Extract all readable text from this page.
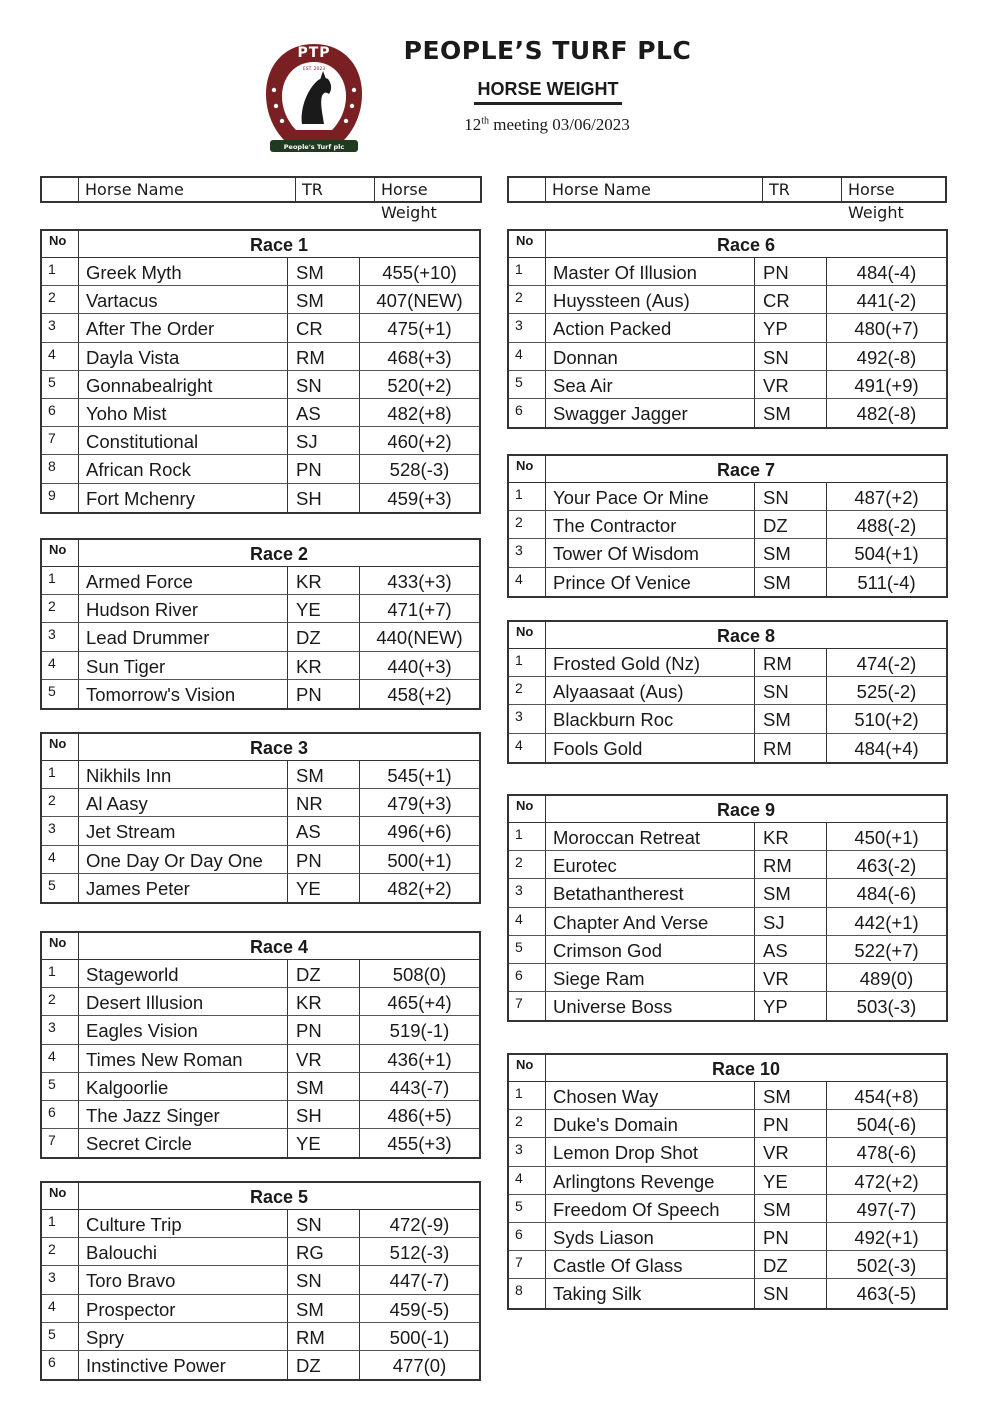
PTP
EST. 2023
People's Turf plc
PEOPLE’S TURF PLC
HORSE WEIGHT
12th meeting 03/06/2023
Horse Name	TR	Horse Weight
Horse Name	TR	Horse Weight
No	Race 1
1	Greek Myth	SM	455(+10)
2	Vartacus	SM	407(NEW)
3	After The Order	CR	475(+1)
4	Dayla Vista	RM	468(+3)
5	Gonnabealright	SN	520(+2)
6	Yoho Mist	AS	482(+8)
7	Constitutional	SJ	460(+2)
8	African Rock	PN	528(-3)
9	Fort Mchenry	SH	459(+3)
No	Race 2
1	Armed Force	KR	433(+3)
2	Hudson River	YE	471(+7)
3	Lead Drummer	DZ	440(NEW)
4	Sun Tiger	KR	440(+3)
5	Tomorrow's Vision	PN	458(+2)
No	Race 3
1	Nikhils Inn	SM	545(+1)
2	Al Aasy	NR	479(+3)
3	Jet Stream	AS	496(+6)
4	One Day Or Day One	PN	500(+1)
5	James Peter	YE	482(+2)
No	Race 4
1	Stageworld	DZ	508(0)
2	Desert Illusion	KR	465(+4)
3	Eagles Vision	PN	519(-1)
4	Times New Roman	VR	436(+1)
5	Kalgoorlie	SM	443(-7)
6	The Jazz Singer	SH	486(+5)
7	Secret Circle	YE	455(+3)
No	Race 5
1	Culture Trip	SN	472(-9)
2	Balouchi	RG	512(-3)
3	Toro Bravo	SN	447(-7)
4	Prospector	SM	459(-5)
5	Spry	RM	500(-1)
6	Instinctive Power	DZ	477(0)
No	Race 6
1	Master Of Illusion	PN	484(-4)
2	Huyssteen (Aus)	CR	441(-2)
3	Action Packed	YP	480(+7)
4	Donnan	SN	492(-8)
5	Sea Air	VR	491(+9)
6	Swagger Jagger	SM	482(-8)
No	Race 7
1	Your Pace Or Mine	SN	487(+2)
2	The Contractor	DZ	488(-2)
3	Tower Of Wisdom	SM	504(+1)
4	Prince Of Venice	SM	511(-4)
No	Race 8
1	Frosted Gold (Nz)	RM	474(-2)
2	Alyaasaat (Aus)	SN	525(-2)
3	Blackburn Roc	SM	510(+2)
4	Fools Gold	RM	484(+4)
No	Race 9
1	Moroccan Retreat	KR	450(+1)
2	Eurotec	RM	463(-2)
3	Betathantherest	SM	484(-6)
4	Chapter And Verse	SJ	442(+1)
5	Crimson God	AS	522(+7)
6	Siege Ram	VR	489(0)
7	Universe Boss	YP	503(-3)
No	Race 10
1	Chosen Way	SM	454(+8)
2	Duke's Domain	PN	504(-6)
3	Lemon Drop Shot	VR	478(-6)
4	Arlingtons Revenge	YE	472(+2)
5	Freedom Of Speech	SM	497(-7)
6	Syds Liason	PN	492(+1)
7	Castle Of Glass	DZ	502(-3)
8	Taking Silk	SN	463(-5)
